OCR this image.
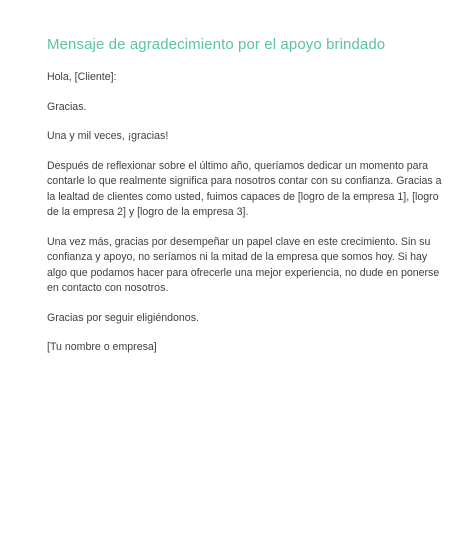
Mensaje de agradecimiento por el apoyo brindado

Hola, [Cliente]:

Gracias.

Una y mil veces, ¡gracias!

Después de reflexionar sobre el último año, queríamos dedicar un momento para contarle lo que realmente significa para nosotros contar con su confianza. Gracias a la lealtad de clientes como usted, fuimos capaces de [logro de la empresa 1], [logro de la empresa 2] y [logro de la empresa 3].

Una vez más, gracias por desempeñar un papel clave en este crecimiento. Sin su confianza y apoyo, no seríamos ni la mitad de la empresa que somos hoy. Si hay algo que podamos hacer para ofrecerle una mejor experiencia, no dude en ponerse en contacto con nosotros.

Gracias por seguir eligiéndonos.

[Tu nombre o empresa]
